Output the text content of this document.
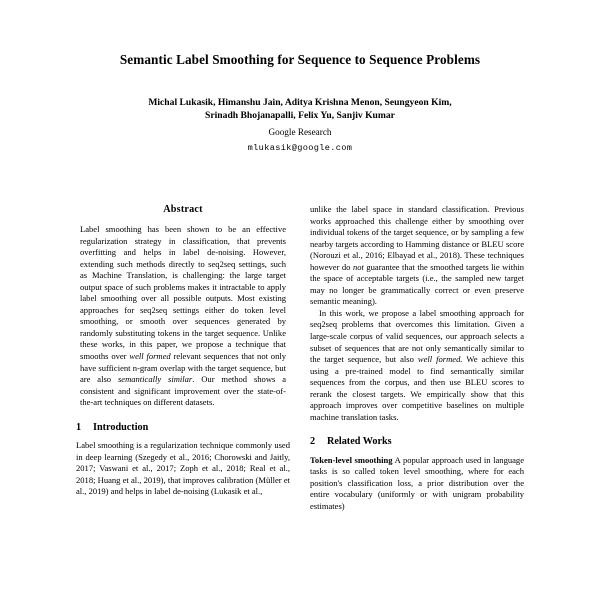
Semantic Label Smoothing for Sequence to Sequence Problems
Michal Lukasik, Himanshu Jain, Aditya Krishna Menon, Seungyeon Kim,
Srinadh Bhojanapalli, Felix Yu, Sanjiv Kumar
Google Research
mlukasik@google.com
Abstract

Label smoothing has been shown to be an effective regularization strategy in classification, that prevents overfitting and helps in label de-noising. However, extending such methods directly to seq2seq settings, such as Machine Translation, is challenging: the large target output space of such problems makes it intractable to apply label smoothing over all possible outputs. Most existing approaches for seq2seq settings either do token level smoothing, or smooth over sequences generated by randomly substituting tokens in the target sequence. Unlike these works, in this paper, we propose a technique that smooths over well formed relevant sequences that not only have sufficient n-gram overlap with the target sequence, but are also semantically similar. Our method shows a consistent and significant improvement over the state-of-the-art techniques on different datasets.

1 Introduction

Label smoothing is a regularization technique commonly used in deep learning (Szegedy et al., 2016; Chorowski and Jaitly, 2017; Vaswani et al., 2017; Zoph et al., 2018; Real et al., 2018; Huang et al., 2019), that improves calibration (Müller et al., 2019) and helps in label de-noising (Lukasik et al.,

unlike the label space in standard classification. Previous works approached this challenge either by smoothing over individual tokens of the target sequence, or by sampling a few nearby targets according to Hamming distance or BLEU score (Norouzi et al., 2016; Elbayad et al., 2018). These techniques however do not guarantee that the smoothed targets lie within the space of acceptable targets (i.e., the sampled new target may no longer be grammatically correct or even preserve semantic meaning).

In this work, we propose a label smoothing approach for seq2seq problems that overcomes this limitation. Given a large-scale corpus of valid sequences, our approach selects a subset of sequences that are not only semantically similar to the target sequence, but also well formed. We achieve this using a pre-trained model to find semantically similar sequences from the corpus, and then use BLEU scores to rerank the closest targets. We empirically show that this approach improves over competitive baselines on multiple machine translation tasks.

2 Related Works

Token-level smoothing A popular approach used in language tasks is so called token level smoothing, where for each position's classification loss, a prior distribution over the entire vocabulary (uniformly or with unigram probability estimates)
